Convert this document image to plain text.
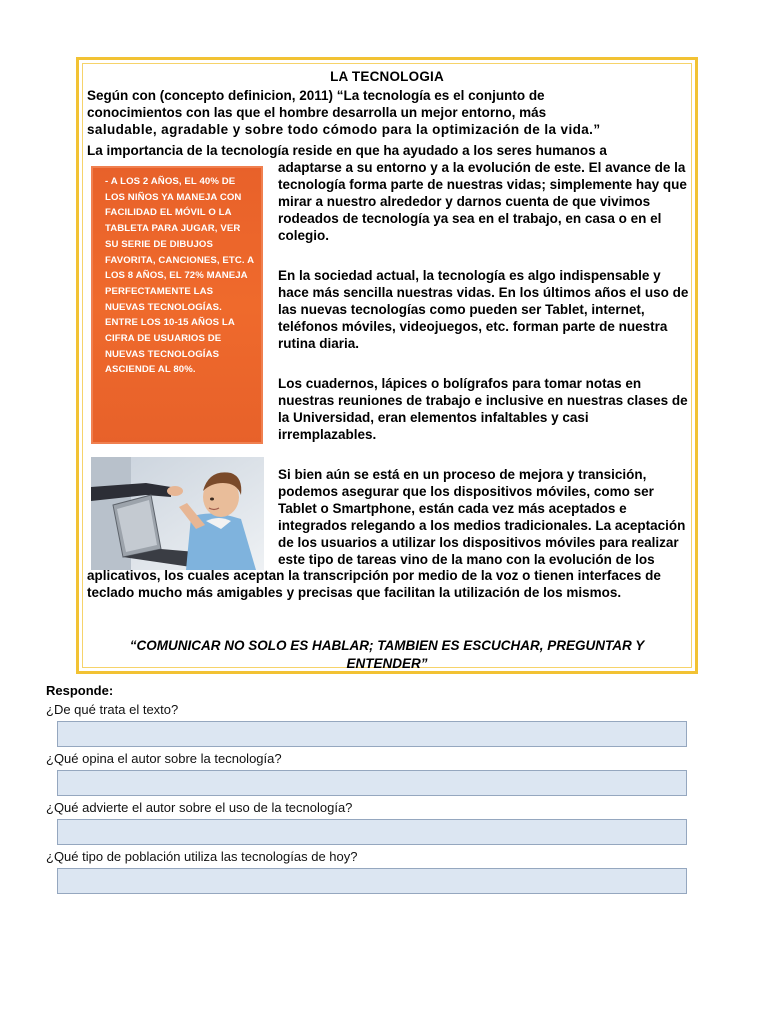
LA TECNOLOGIA
Según con (concepto definicion, 2011) “La tecnología es el conjunto de
conocimientos con las que el hombre desarrolla un mejor entorno, más
saludable, agradable y sobre todo cómodo para la optimización de la vida.”
La importancia de la tecnología reside en que ha ayudado a los seres humanos a
- A LOS 2 AÑOS, EL 40% DE LOS NIÑOS YA MANEJA CON FACILIDAD EL MÓVIL O LA TABLETA PARA JUGAR, VER SU SERIE DE DIBUJOS FAVORITA, CANCIONES, ETC. A LOS 8 AÑOS, EL 72% MANEJA PERFECTAMENTE LAS NUEVAS TECNOLOGÍAS. ENTRE LOS 10-15 AÑOS LA CIFRA DE USUARIOS DE NUEVAS TECNOLOGÍAS ASCIENDE AL 80%.
adaptarse a su entorno y a la evolución de este. El avance de la tecnología forma parte de nuestras vidas; simplemente hay que mirar a nuestro alrededor y darnos cuenta de que vivimos rodeados de tecnología ya sea en el trabajo, en casa o en el colegio.
En la sociedad actual, la tecnología es algo indispensable y hace más sencilla nuestras vidas. En los últimos años el uso de las nuevas tecnologías como pueden ser Tablet, internet, teléfonos móviles, videojuegos, etc. forman parte de nuestra rutina diaria.
Los cuadernos, lápices o bolígrafos para tomar notas en nuestras reuniones de trabajo e inclusive en nuestras clases de la Universidad, eran elementos infaltables y casi irremplazables.
Si bien aún se está en un proceso de mejora y transición, podemos asegurar que los dispositivos móviles, como ser Tablet o Smartphone, están cada vez más aceptados e integrados relegando a los medios tradicionales. La aceptación de los usuarios a utilizar los dispositivos móviles para realizar este tipo de tareas vino de la mano con la evolución de los
aplicativos, los cuales aceptan la transcripción por medio de la voz o tienen interfaces de teclado mucho más amigables y precisas que facilitan la utilización de los mismos.
“COMUNICAR NO SOLO ES HABLAR; TAMBIEN ES ESCUCHAR, PREGUNTAR Y
ENTENDER”
Responde:
¿De qué trata el texto?
¿Qué opina el autor sobre la tecnología?
¿Qué advierte el autor sobre el uso de la tecnología?
¿Qué tipo de población utiliza las tecnologías de hoy?
